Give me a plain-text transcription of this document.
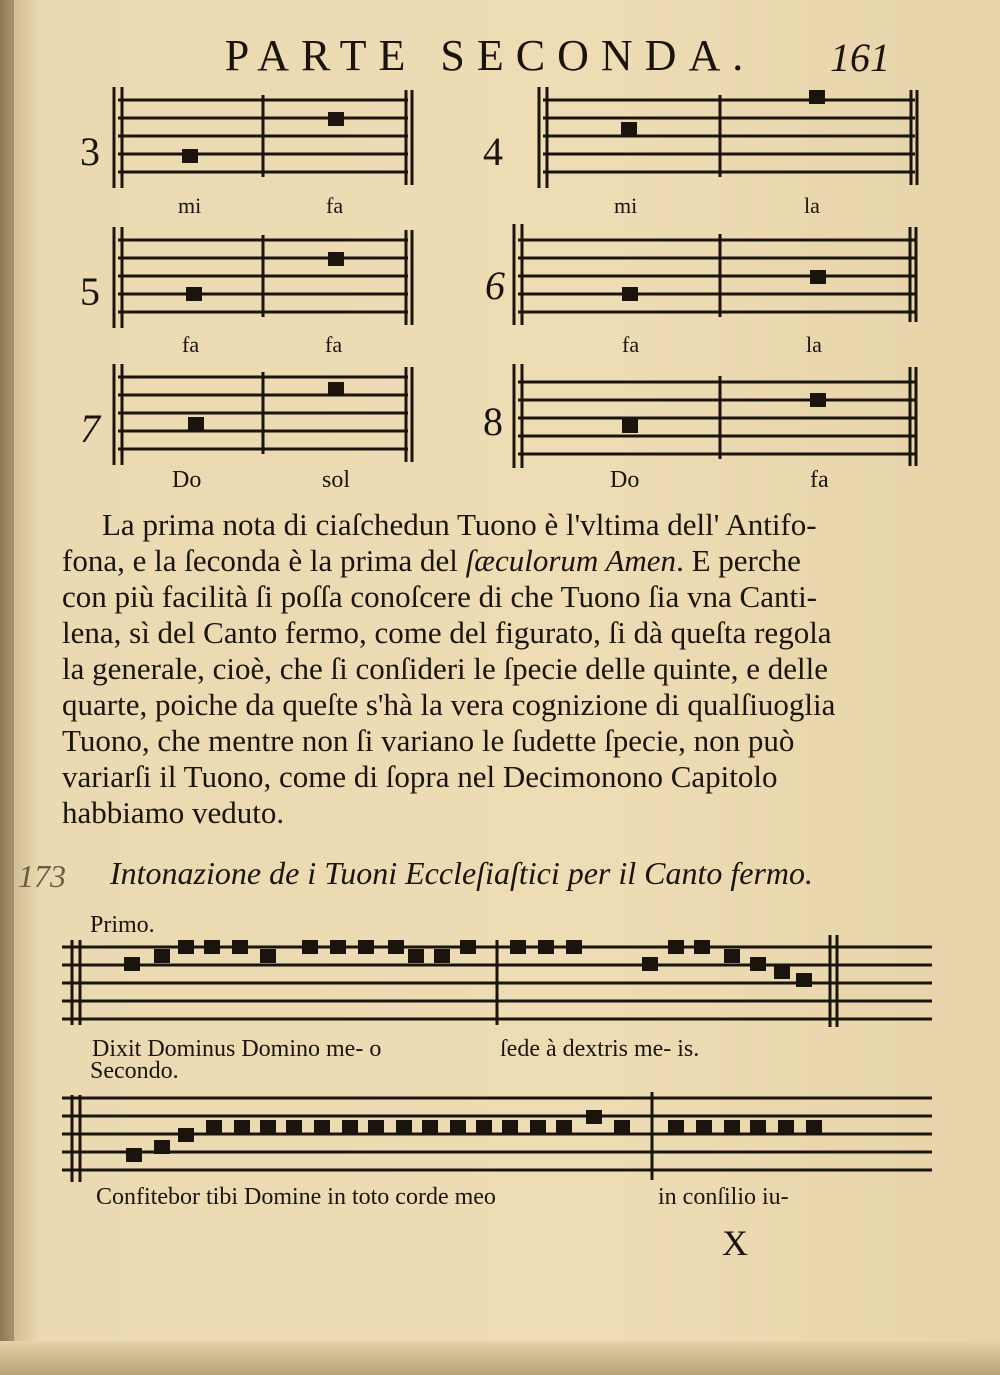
PARTE SECONDA.	161
3
mi	fa
4
mi	la
5
fa	fa
6
fa	la
7
Do	sol
8
Do	fa
La prima nota di ciaſchedun Tuono è l'vltima dell' Antifo-
fona, e la ſeconda è la prima del ſæculorum Amen. E perche
con più facilità ſi poſſa conoſcere di che Tuono ſia vna Canti-
lena, sì del Canto fermo, come del figurato, ſi dà queſta regola
la generale, cioè, che ſi conſideri le ſpecie delle quinte, e delle
quarte, poiche da queſte s'hà la vera cognizione di qualſiuoglia
Tuono, che mentre non ſi variano le ſudette ſpecie, non può
variarſi il Tuono, come di ſopra nel Decimonono Capitolo
habbiamo veduto.
173 Intonazione de i Tuoni Eccleſiaſtici per il Canto fermo.
Primo.
Dixit Dominus Domino me- o	ſede à dextris me- is.
Secondo.
Confitebor tibi Domine in toto corde meo	in conſilio iu-
X
